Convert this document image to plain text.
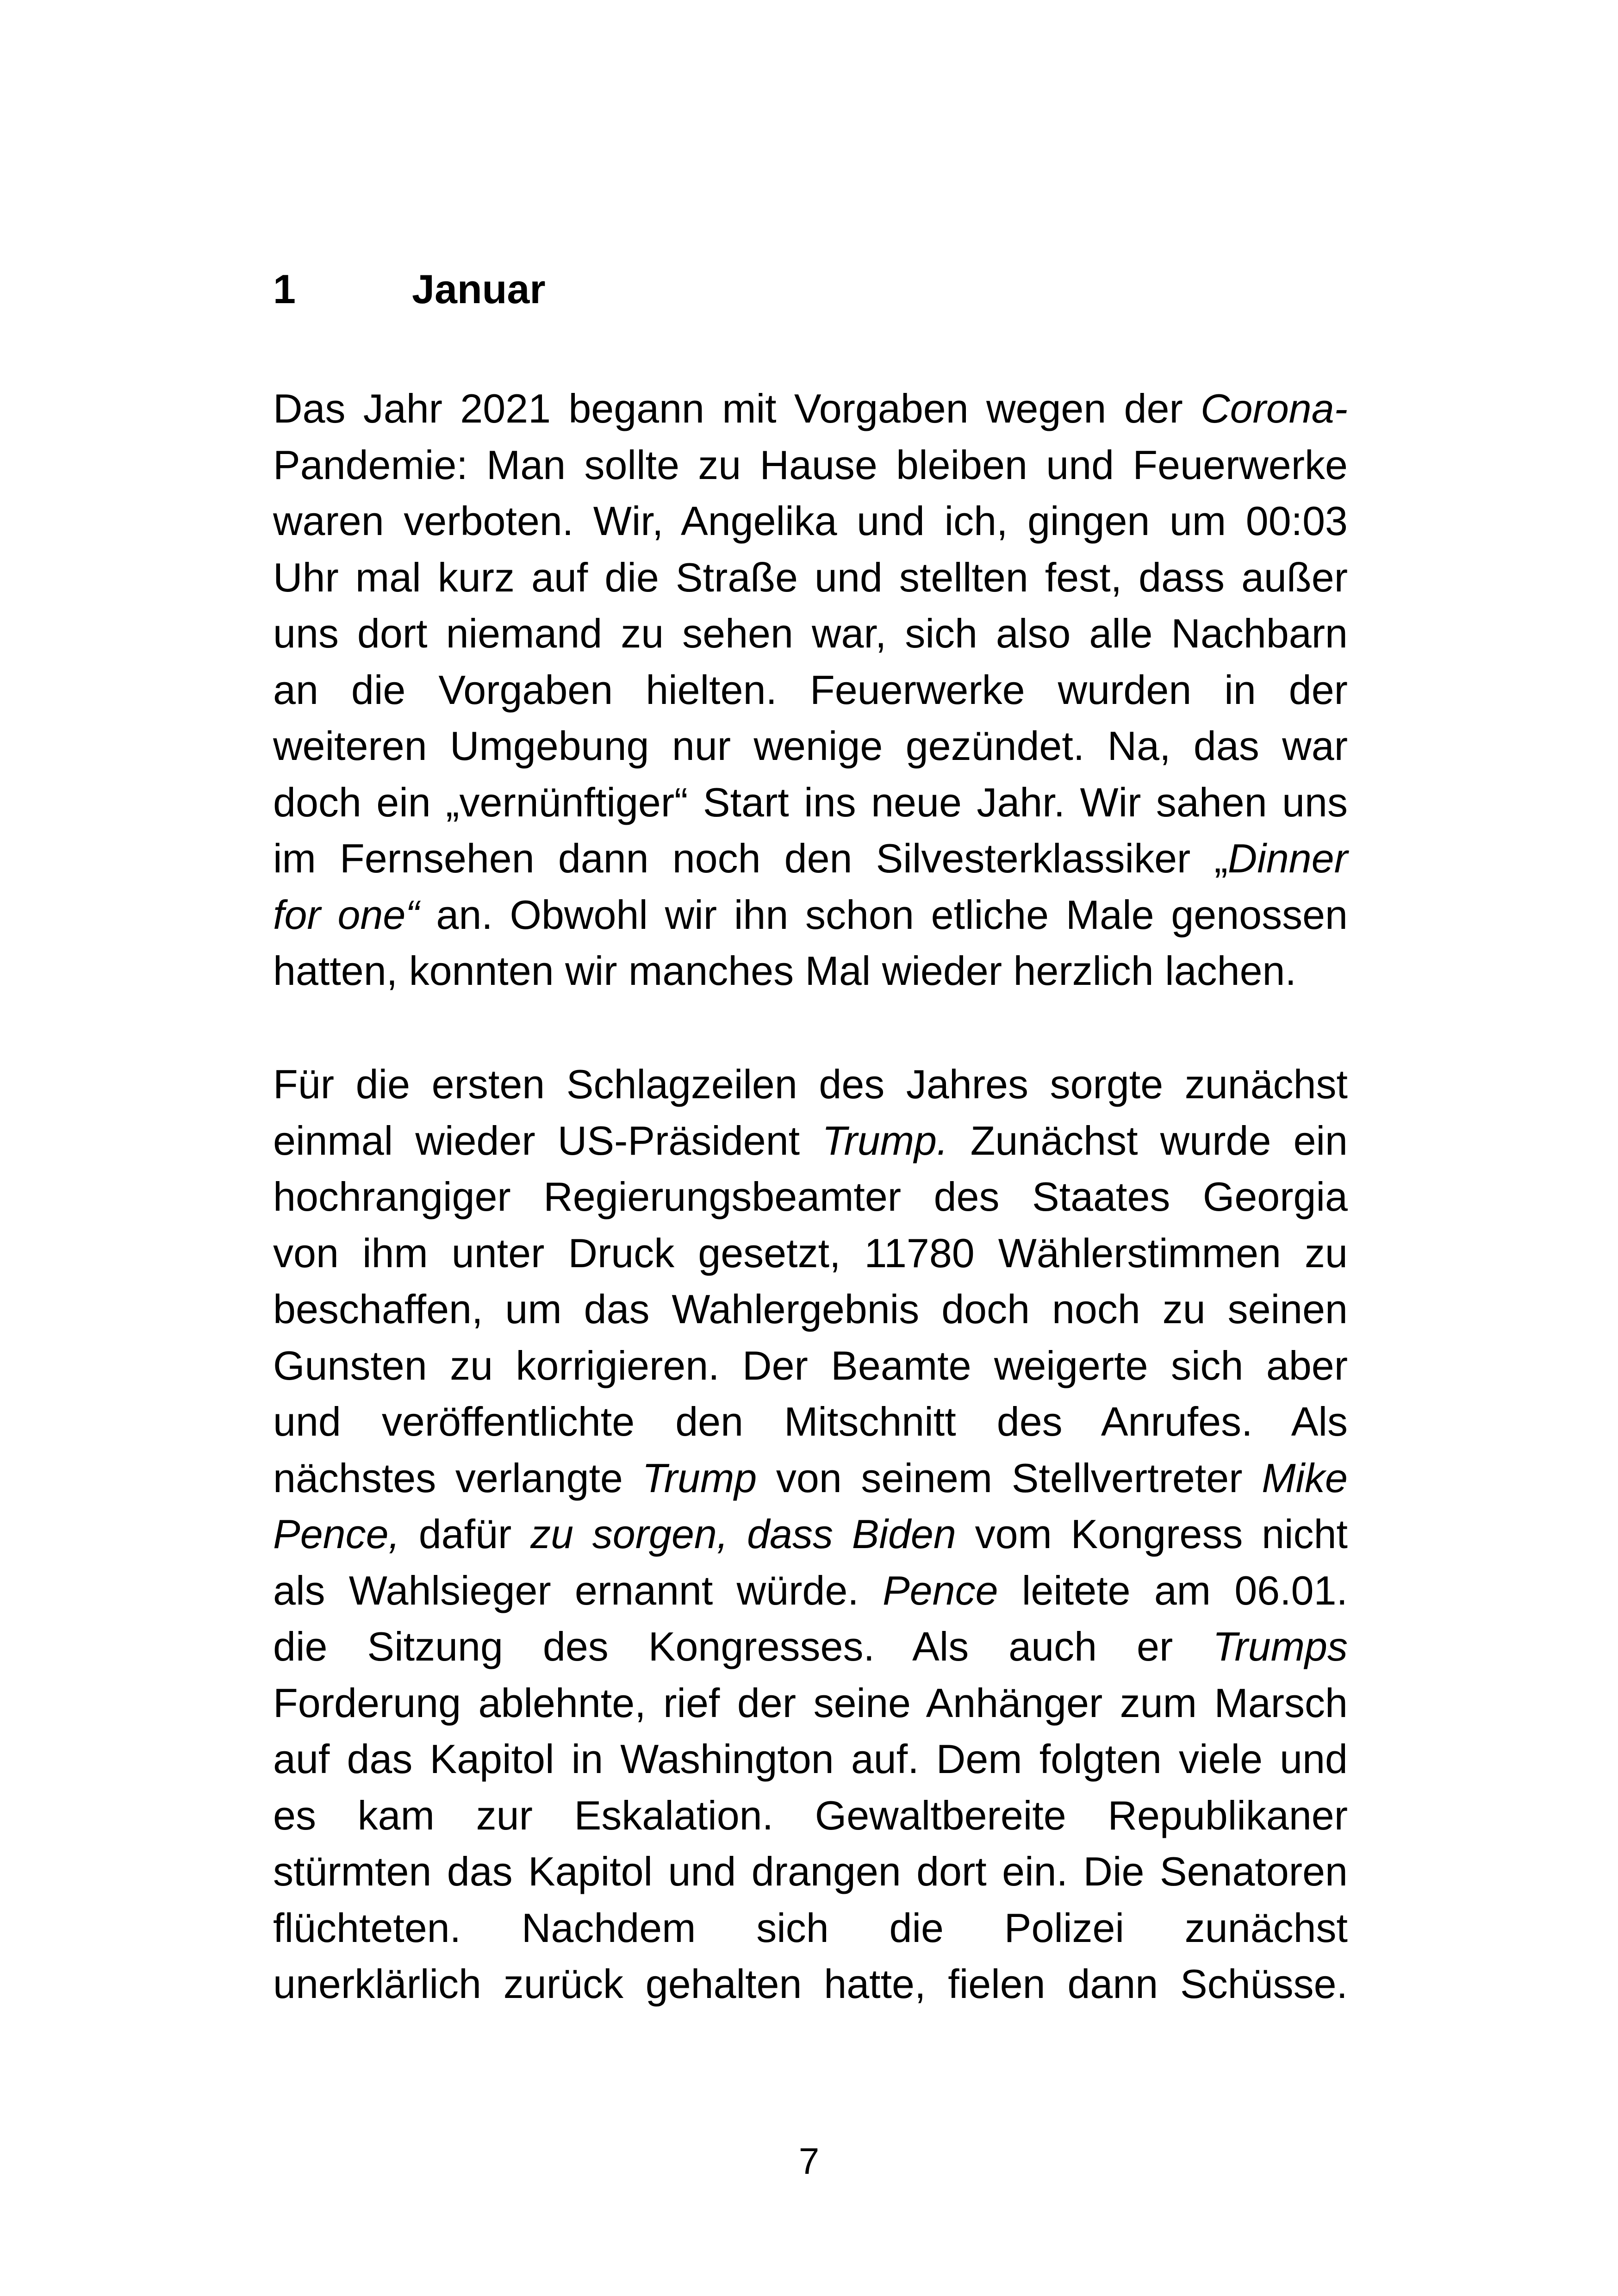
1	Januar
Das Jahr 2021 begann mit Vorgaben wegen der Corona-
Pandemie: Man sollte zu Hause bleiben und Feuerwerke
waren verboten. Wir, Angelika und ich, gingen um 00:03
Uhr mal kurz auf die Straße und stellten fest, dass außer
uns dort niemand zu sehen war, sich also alle Nachbarn
an die Vorgaben hielten. Feuerwerke wurden in der
weiteren Umgebung nur wenige gezündet. Na, das war
doch ein „vernünftiger“ Start ins neue Jahr. Wir sahen uns
im Fernsehen dann noch den Silvesterklassiker „Dinner
for one“ an. Obwohl wir ihn schon etliche Male genossen
hatten, konnten wir manches Mal wieder herzlich lachen.
Für die ersten Schlagzeilen des Jahres sorgte zunächst
einmal wieder US-Präsident Trump. Zunächst wurde ein
hochrangiger Regierungsbeamter des Staates Georgia
von ihm unter Druck gesetzt, 11780 Wählerstimmen zu
beschaffen, um das Wahlergebnis doch noch zu seinen
Gunsten zu korrigieren. Der Beamte weigerte sich aber
und veröffentlichte den Mitschnitt des Anrufes. Als
nächstes verlangte Trump von seinem Stellvertreter Mike
Pence, dafür zu sorgen, dass Biden vom Kongress nicht
als Wahlsieger ernannt würde. Pence leitete am 06.01.
die Sitzung des Kongresses. Als auch er Trumps
Forderung ablehnte, rief der seine Anhänger zum Marsch
auf das Kapitol in Washington auf. Dem folgten viele und
es kam zur Eskalation. Gewaltbereite Republikaner
stürmten das Kapitol und drangen dort ein. Die Senatoren
flüchteten. Nachdem sich die Polizei zunächst
unerklärlich zurück gehalten hatte, fielen dann Schüsse.
7
